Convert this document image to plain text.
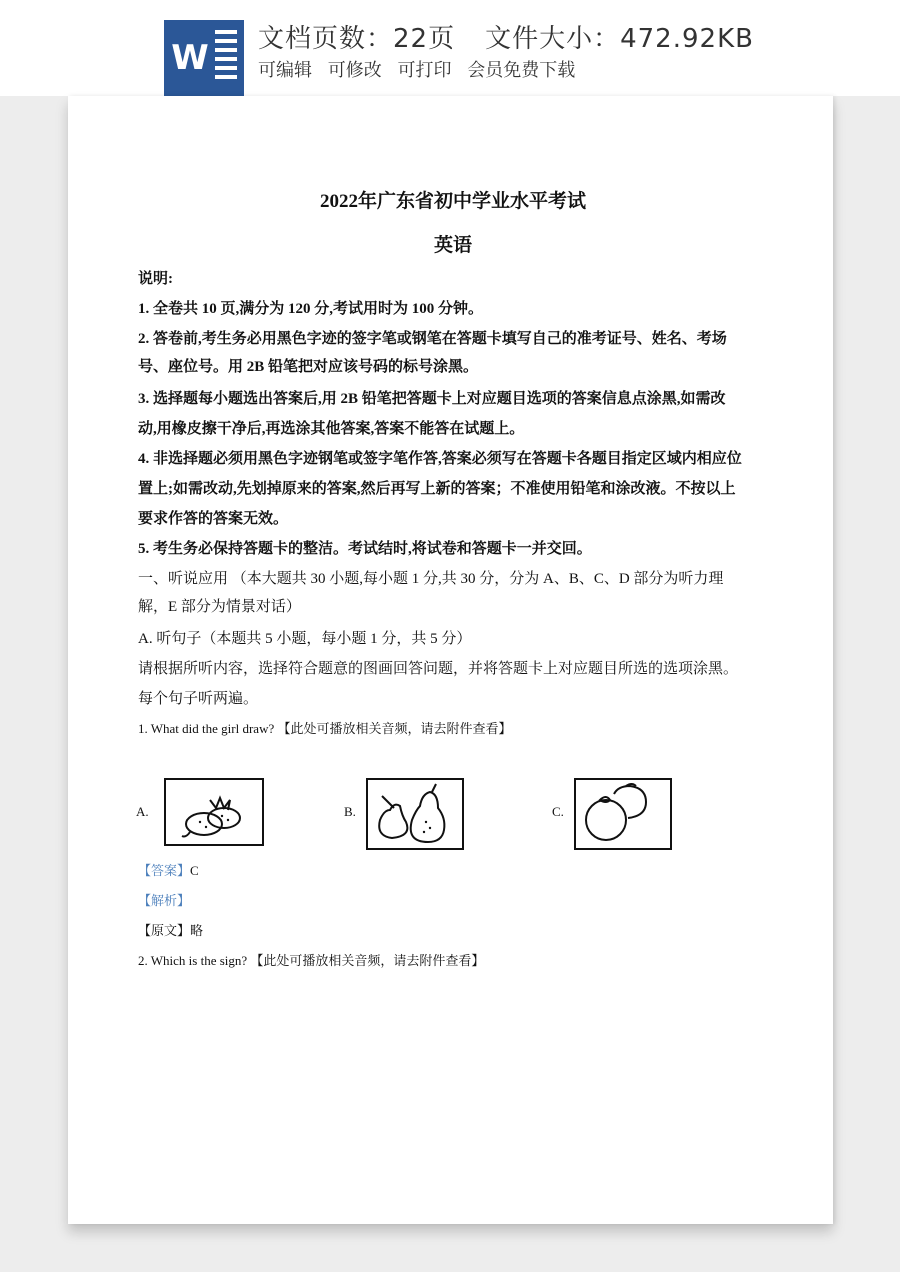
W 文档页数：22页 文件大小：472.92KB
可编辑 可修改 可打印 会员免费下载
2022年广东省初中学业水平考试
英语
说明:
1. 全卷共 10 页,满分为 120 分,考试用时为 100 分钟。
2. 答卷前,考生务必用黑色字迹的签字笔或钢笔在答题卡填写自己的准考证号、姓名、考场
号、座位号。用 2B 铅笔把对应该号码的标号涂黑。
3. 选择题每小题选出答案后,用 2B 铅笔把答题卡上对应题目选项的答案信息点涂黑,如需改
动,用橡皮擦干净后,再选涂其他答案,答案不能答在试题上。
4. 非选择题必须用黑色字迹钢笔或签字笔作答,答案必须写在答题卡各题目指定区域内相应位
置上;如需改动,先划掉原来的答案,然后再写上新的答案；不准使用铅笔和涂改液。不按以上
要求作答的答案无效。
5. 考生务必保持答题卡的整洁。考试结时,将试卷和答题卡一并交回。
一、听说应用 （本大题共 30 小题,每小题 1 分,共 30 分，分为 A、B、C、D 部分为听力理
解，E 部分为情景对话）
A. 听句子（本题共 5 小题，每小题 1 分，共 5 分）
请根据所听内容，选择符合题意的图画回答问题，并将答题卡上对应题目所选的选项涂黑。
每个句子听两遍。
1. What did the girl draw? 【此处可播放相关音频，请去附件查看】
A.	B.	C.
【答案】C
【解析】
【原文】略
2. Which is the sign? 【此处可播放相关音频，请去附件查看】
